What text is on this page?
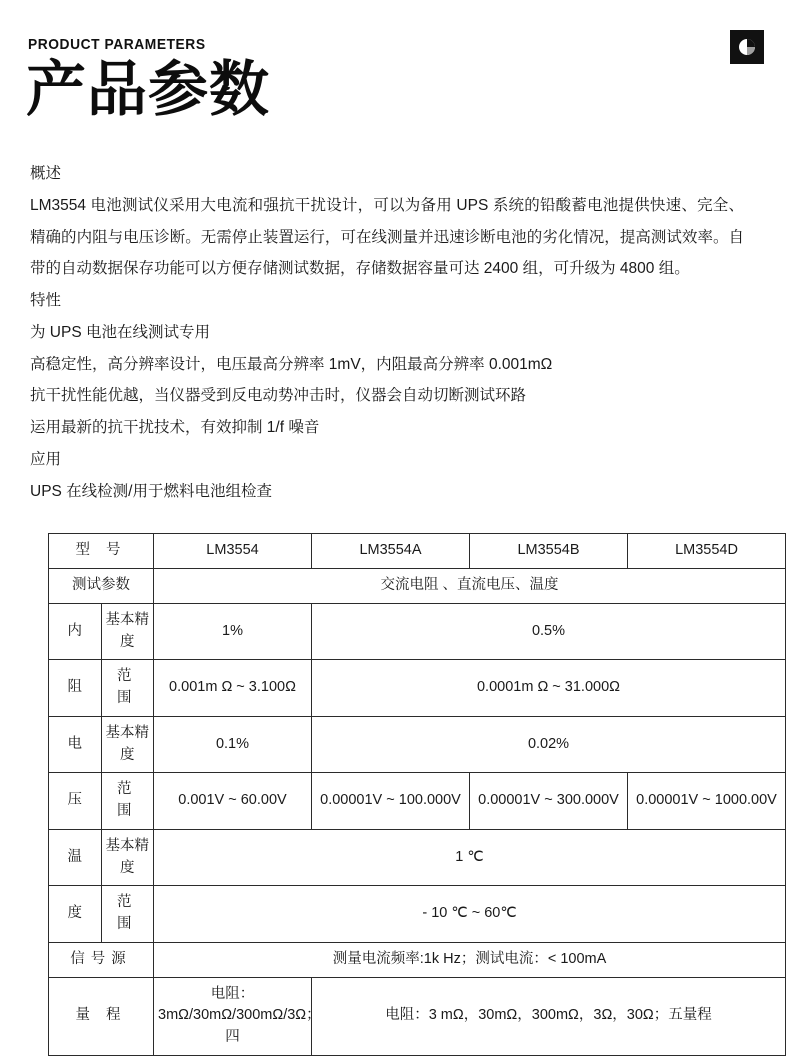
PRODUCT PARAMETERS
产品参数
概述
LM3554 电池测试仪采用大电流和强抗干扰设计，可以为备用 UPS 系统的铅酸蓄电池提供快速、完全、精确的内阻与电压诊断。无需停止装置运行，可在线测量并迅速诊断电池的劣化情况，提高测试效率。自带的自动数据保存功能可以方便存储测试数据，存储数据容量可达 2400 组，可升级为 4800 组。
特性
为 UPS 电池在线测试专用
高稳定性，高分辨率设计，电压最高分辨率 1mV，内阻最高分辨率 0.001mΩ
抗干扰性能优越，当仪器受到反电动势冲击时，仪器会自动切断测试环路
运用最新的抗干扰技术，有效抑制 1/f 噪音
应用
UPS 在线检测/用于燃料电池组检查
型 号		LM3554	LM3554A	LM3554B	LM3554D
测试参数		交流电阻 、直流电压、温度			
内	基本精度	1%	0.5%		
阻	范 围	0.001m Ω ~ 3.100Ω	0.0001m Ω ~ 31.000Ω		
电	基本精度	0.1%	0.02%		
压	范 围	0.001V ~ 60.00V	0.00001V ~ 100.000V	0.00001V ~ 300.000V	0.00001V ~ 1000.00V
温	基本精度	1 ℃			
度	范 围	- 10 ℃ ~ 60℃			
信号源		测量电流频率:1k Hz；测试电流：< 100mA			
量 程		电阻：3mΩ/30mΩ/300mΩ/3Ω； 四	电阻：3 mΩ，30mΩ，300mΩ，3Ω，30Ω；五量程		
